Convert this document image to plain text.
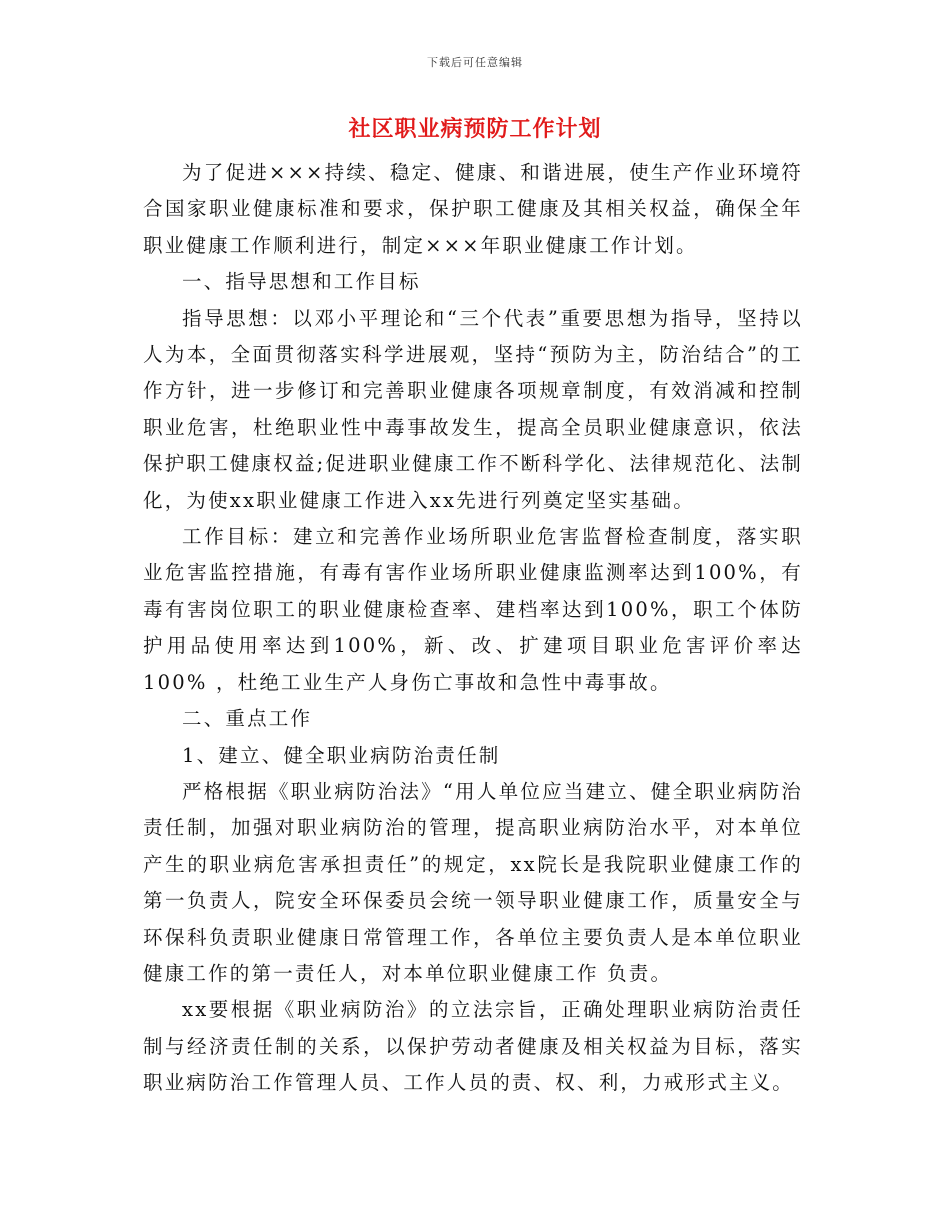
下载后可任意编辑
社区职业病预防工作计划

为了促进×××持续、稳定、健康、和谐进展，使生产作业环境符合国家职业健康标准和要求，保护职工健康及其相关权益，确保全年职业健康工作顺利进行，制定×××年职业健康工作计划。

一、指导思想和工作目标

指导思想：以邓小平理论和“三个代表”重要思想为指导，坚持以人为本，全面贯彻落实科学进展观，坚持“预防为主，防治结合”的工作方针，进一步修订和完善职业健康各项规章制度，有效消减和控制职业危害，杜绝职业性中毒事故发生，提高全员职业健康意识，依法保护职工健康权益;促进职业健康工作不断科学化、法律规范化、法制化，为使xx职业健康工作进入xx先进行列奠定坚实基础。

工作目标：建立和完善作业场所职业危害监督检查制度，落实职业危害监控措施，有毒有害作业场所职业健康监测率达到100%，有毒有害岗位职工的职业健康检查率、建档率达到100%，职工个体防护用品使用率达到100%，新、改、扩建项目职业危害评价率达100% ，杜绝工业生产人身伤亡事故和急性中毒事故。

二、重点工作

1、建立、健全职业病防治责任制

严格根据《职业病防治法》“用人单位应当建立、健全职业病防治责任制，加强对职业病防治的管理，提高职业病防治水平，对本单位产生的职业病危害承担责任”的规定，xx院长是我院职业健康工作的第一负责人，院安全环保委员会统一领导职业健康工作，质量安全与环保科负责职业健康日常管理工作，各单位主要负责人是本单位职业健康工作的第一责任人，对本单位职业健康工作 负责。

xx要根据《职业病防治》的立法宗旨，正确处理职业病防治责任制与经济责任制的关系，以保护劳动者健康及相关权益为目标，落实职业病防治工作管理人员、工作人员的责、权、利，力戒形式主义。
